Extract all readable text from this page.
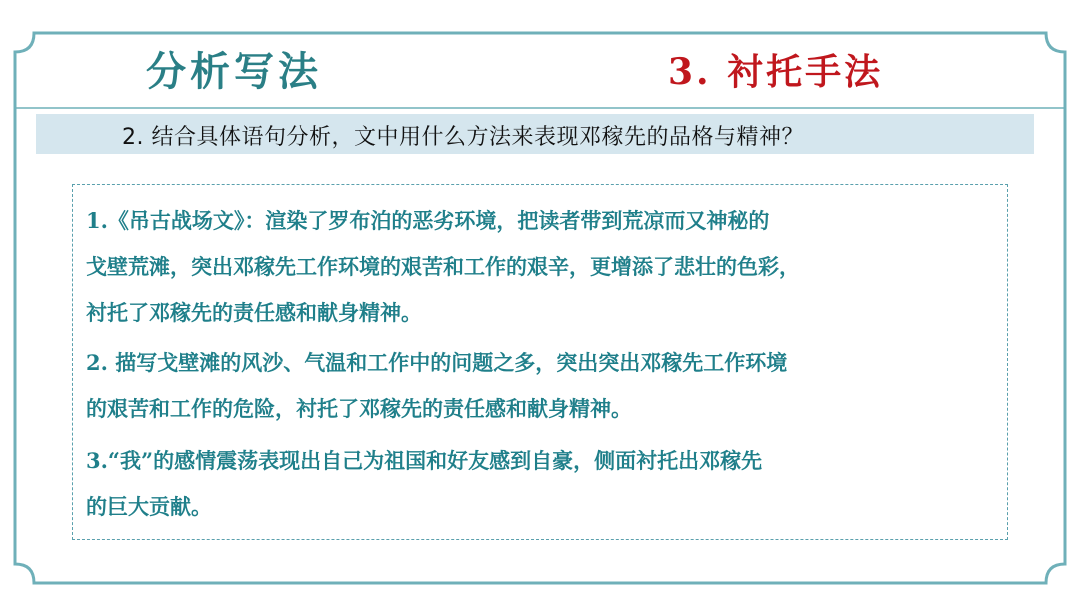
分析写法	3. 衬托手法
2. 结合具体语句分析，文中用什么方法来表现邓稼先的品格与精神？
1.《吊古战场文》：渲染了罗布泊的恶劣环境，把读者带到荒凉而又神秘的
戈壁荒滩，突出邓稼先工作环境的艰苦和工作的艰辛，更增添了悲壮的色彩，
衬托了邓稼先的责任感和献身精神。
2. 描写戈壁滩的风沙、气温和工作中的问题之多，突出突出邓稼先工作环境
的艰苦和工作的危险，衬托了邓稼先的责任感和献身精神。
3.“我”的感情震荡表现出自己为祖国和好友感到自豪，侧面衬托出邓稼先
的巨大贡献。
